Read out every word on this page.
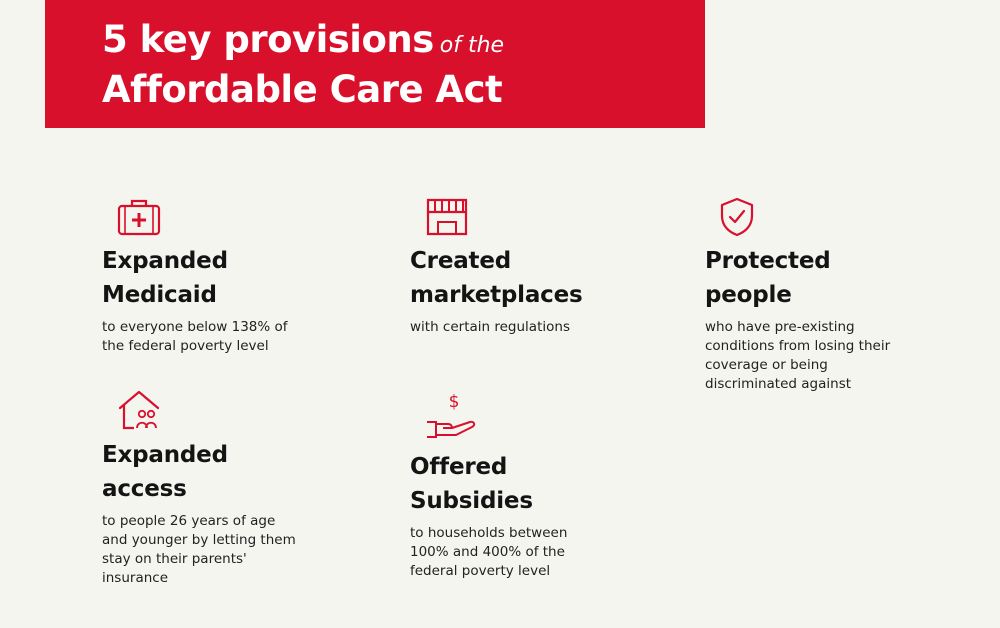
5 key provisions of the
Affordable Care Act
Expanded
Medicaid

to everyone below 138% of the federal poverty level

Created
marketplaces

with certain regulations

Protected
people

who have pre-existing conditions from losing their coverage or being discriminated against

Expanded
access

to people 26 years of age and younger by letting them stay on their parents' insurance

$
Offered
Subsidies

to households between 100% and 400% of the federal poverty level
